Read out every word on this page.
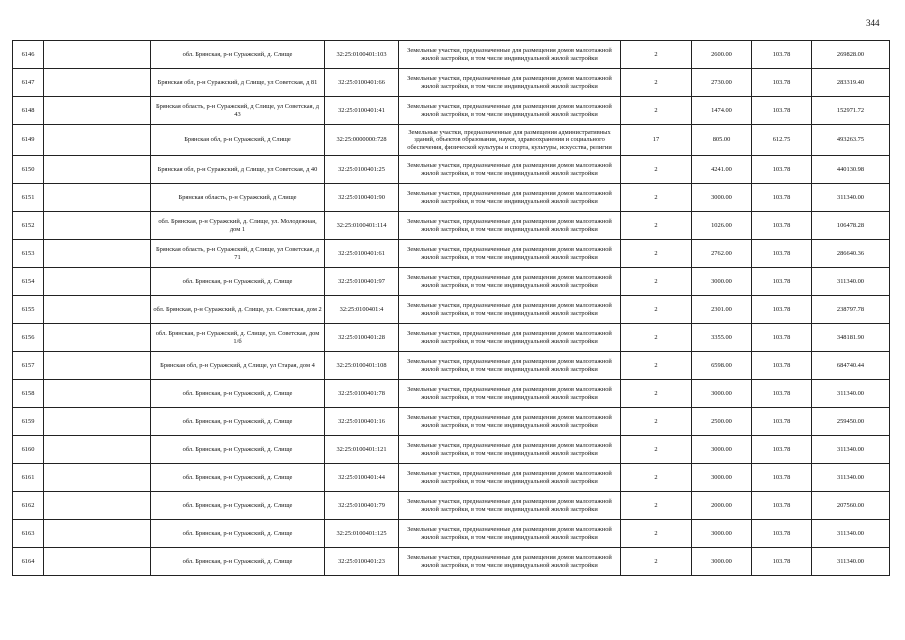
344
6146		обл. Брянская, р-н Суражский, д. Слище	32:25:0100401:103	Земельные участки, предназначенные для размещения домов малоэтажной жилой застройки, в том числе индивидуальной жилой застройки	2	2600.00	103.78	269828.00
6147		Брянская обл, р-н Суражский, д Слище, ул Советская, д 81	32:25:0100401:66	Земельные участки, предназначенные для размещения домов малоэтажной жилой застройки, в том числе индивидуальной жилой застройки	2	2730.00	103.78	283319.40
6148		Брянская область, р-н Суражский, д Слище, ул Советская, д 43	32:25:0100401:41	Земельные участки, предназначенные для размещения домов малоэтажной жилой застройки, в том числе индивидуальной жилой застройки	2	1474.00	103.78	152971.72
6149		Брянская обл, р-н Суражский, д Слище	32:25:0000000:728	Земельные участки, предназначенные для размещения административных зданий, объектов образования, науки, здравоохранения и социального обеспечения, физической культуры и спорта, культуры, искусства, религии	17	805.00	612.75	493263.75
6150		Брянская обл, р-н Суражский, д Слище, ул Советская, д 40	32:25:0100401:25	Земельные участки, предназначенные для размещения домов малоэтажной жилой застройки, в том числе индивидуальной жилой застройки	2	4241.00	103.78	440130.98
6151		Брянская область, р-н Суражский, д Слище	32:25:0100401:90	Земельные участки, предназначенные для размещения домов малоэтажной жилой застройки, в том числе индивидуальной жилой застройки	2	3000.00	103.78	311340.00
6152		обл. Брянская, р-н Суражский, д. Слище, ул. Молодежная, дом 1	32:25:0100401:114	Земельные участки, предназначенные для размещения домов малоэтажной жилой застройки, в том числе индивидуальной жилой застройки	2	1026.00	103.78	106478.28
6153		Брянская область, р-н Суражский, д Слище, ул Советская, д 71	32:25:0100401:61	Земельные участки, предназначенные для размещения домов малоэтажной жилой застройки, в том числе индивидуальной жилой застройки	2	2762.00	103.78	286640.36
6154		обл. Брянская, р-н Суражский, д. Слище	32:25:0100401:97	Земельные участки, предназначенные для размещения домов малоэтажной жилой застройки, в том числе индивидуальной жилой застройки	2	3000.00	103.78	311340.00
6155		обл. Брянская, р-н Суражский, д. Слище, ул. Советская, дом 2	32:25:0100401:4	Земельные участки, предназначенные для размещения домов малоэтажной жилой застройки, в том числе индивидуальной жилой застройки	2	2301.00	103.78	238797.78
6156		обл. Брянская, р-н Суражский, д. Слище, ул. Советская, дом 1/б	32:25:0100401:28	Земельные участки, предназначенные для размещения домов малоэтажной жилой застройки, в том числе индивидуальной жилой застройки	2	3355.00	103.78	348181.90
6157		Брянская обл, р-н Суражский, д Слище, ул Старая, дом 4	32:25:0100401:108	Земельные участки, предназначенные для размещения домов малоэтажной жилой застройки, в том числе индивидуальной жилой застройки	2	6598.00	103.78	684740.44
6158		обл. Брянская, р-н Суражский, д. Слище	32:25:0100401:78	Земельные участки, предназначенные для размещения домов малоэтажной жилой застройки, в том числе индивидуальной жилой застройки	2	3000.00	103.78	311340.00
6159		обл. Брянская, р-н Суражский, д. Слище	32:25:0100401:16	Земельные участки, предназначенные для размещения домов малоэтажной жилой застройки, в том числе индивидуальной жилой застройки	2	2500.00	103.78	259450.00
6160		обл. Брянская, р-н Суражский, д. Слище	32:25:0100401:121	Земельные участки, предназначенные для размещения домов малоэтажной жилой застройки, в том числе индивидуальной жилой застройки	2	3000.00	103.78	311340.00
6161		обл. Брянская, р-н Суражский, д. Слище	32:25:0100401:44	Земельные участки, предназначенные для размещения домов малоэтажной жилой застройки, в том числе индивидуальной жилой застройки	2	3000.00	103.78	311340.00
6162		обл. Брянская, р-н Суражский, д. Слище	32:25:0100401:79	Земельные участки, предназначенные для размещения домов малоэтажной жилой застройки, в том числе индивидуальной жилой застройки	2	2000.00	103.78	207560.00
6163		обл. Брянская, р-н Суражский, д. Слище	32:25:0100401:125	Земельные участки, предназначенные для размещения домов малоэтажной жилой застройки, в том числе индивидуальной жилой застройки	2	3000.00	103.78	311340.00
6164		обл. Брянская, р-н Суражский, д. Слище	32:25:0100401:23	Земельные участки, предназначенные для размещения домов малоэтажной жилой застройки, в том числе индивидуальной жилой застройки	2	3000.00	103.78	311340.00
